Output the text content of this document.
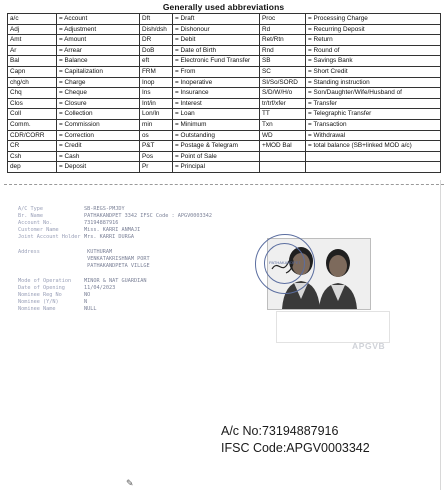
Generally used abbreviations
a/c	= Account	Dft	= Draft	Proc	= Processing Charge
Adj	= Adjustment	Dish/dsh	= Dishonour	Rd	= Recurring Deposit
Amt	= Amount	DR	= Debit	Ret/Rtn	= Return
Ar	= Arrear	DoB	= Date of Birth	Rnd	= Round of
Bal	= Balance	eft	= Electronic Fund Transfer	SB	= Savings Bank
Capn	= Capitalization	FRM	= From	SC	= Short Credit
chg/ch	= Charge	Inop	= Inoperative	SI/So/SORD	= Standing instruction
Chq	= Cheque	Ins	= Insurance	S/D/W/H/o	= Son/Daughter/Wife/Husband of
Clos	= Closure	Int/in	= Interest	tr/trf/xfer	= Transfer
Coll	= Collection	Lon/ln	= Loan	TT	= Telegraphic Transfer
Comm.	= Commission	min	= Minimum	Txn	= Transaction
CDR/CORR	= Correction	os	= Outstanding	WD	= Withdrawal
CR	= Credit	P&T	= Postage & Telegram	+MOD Bal	= total balance (SB+linked MOD a/c)
Csh	= Cash	Pos	= Point of Sale		
dep	= Deposit	Pr	= Principal		
A/C Type	SB-REGS-PMJDY
Br. Name	PATHAKANDPET 3342 IFSC Code : APGV0003342
Account No.	73194887916
Customer Name	Miss. KARRI ANMAJI
Joint Account Holder Mrs. KARRI DURGA
Address	KUTHURAM
VENKATAKRISHNAM PORT
PATHAKANDPETA VILLGE
Mode of Operation MINOR & NAT GUARDIAN
Date of Opening	11/04/2023
Nominee Reg No	NO
Nominee (Y/N)	N
Nominee Name	NULL
PATHAKANDPET
APGVB
A/c No:73194887916
IFSC Code:APGV0003342
✎
